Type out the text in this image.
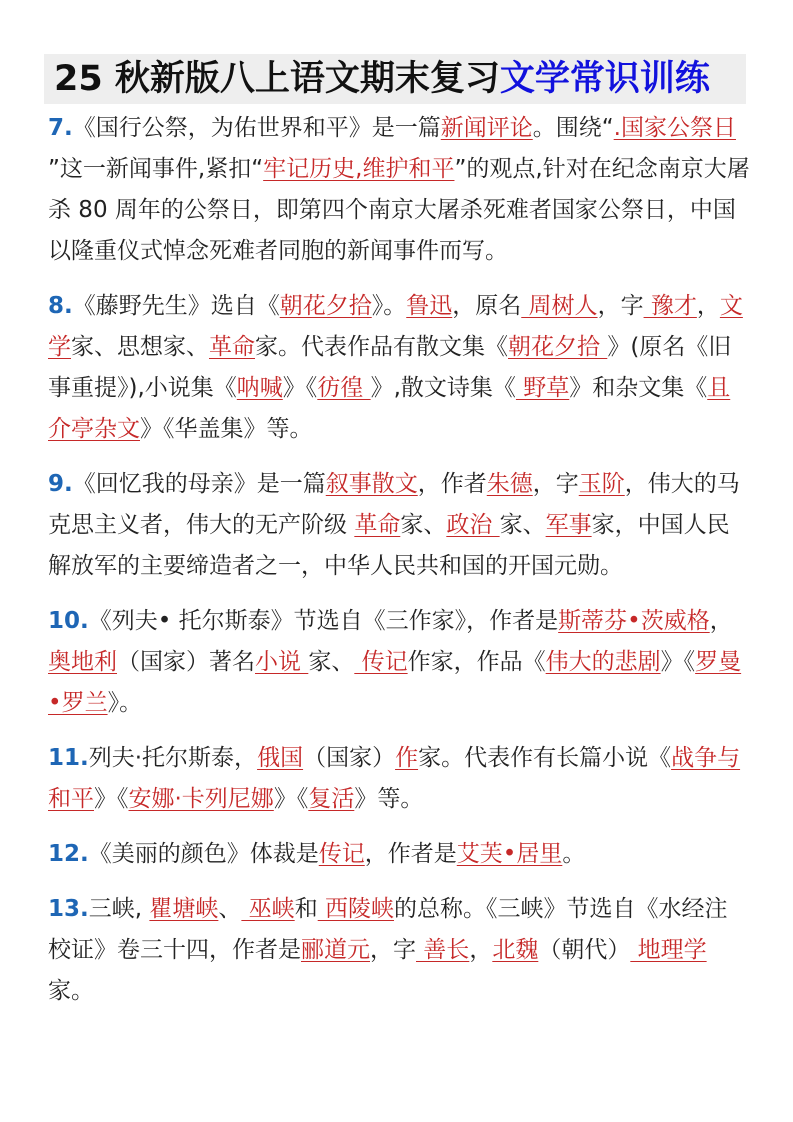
25 秋新版八上语文期末复习文学常识训练

7.《国行公祭，为佑世界和平》是一篇新闻评论。围绕“.国家公祭日 ”这一新闻事件,紧扣“牢记历史,维护和平”的观点,针对在纪念南京大屠杀 80 周年的公祭日，即第四个南京大屠杀死难者国家公祭日，中国以隆重仪式悼念死难者同胞的新闻事件而写。

8.《藤野先生》选自《朝花夕拾》。鲁迅，原名 周树人，字 豫才，文学家、思想家、革命家。代表作品有散文集《朝花夕拾 》(原名《旧事重提》),小说集《呐喊》《彷徨 》,散文诗集《 野草》和杂文集《且介亭杂文》《华盖集》等。

9.《回忆我的母亲》是一篇叙事散文，作者朱德，字玉阶，伟大的马克思主义者，伟大的无产阶级 革命家、政治 家、军事家，中国人民解放军的主要缔造者之一，中华人民共和国的开国元勋。

10.《列夫• 托尔斯泰》节选自《三作家》，作者是斯蒂芬•茨威格，奥地利（国家）著名小说 家、 传记作家，作品《伟大的悲剧》《罗曼•罗兰》。

11.列夫·托尔斯泰，俄国（国家）作家。代表作有长篇小说《战争与和平》《安娜·卡列尼娜》《复活》等。

12.《美丽的颜色》体裁是传记，作者是艾芙•居里。

13.三峡, 瞿塘峡、 巫峡和 西陵峡的总称。《三峡》节选自《水经注校证》卷三十四，作者是郦道元，字 善长，北魏（朝代） 地理学家。
